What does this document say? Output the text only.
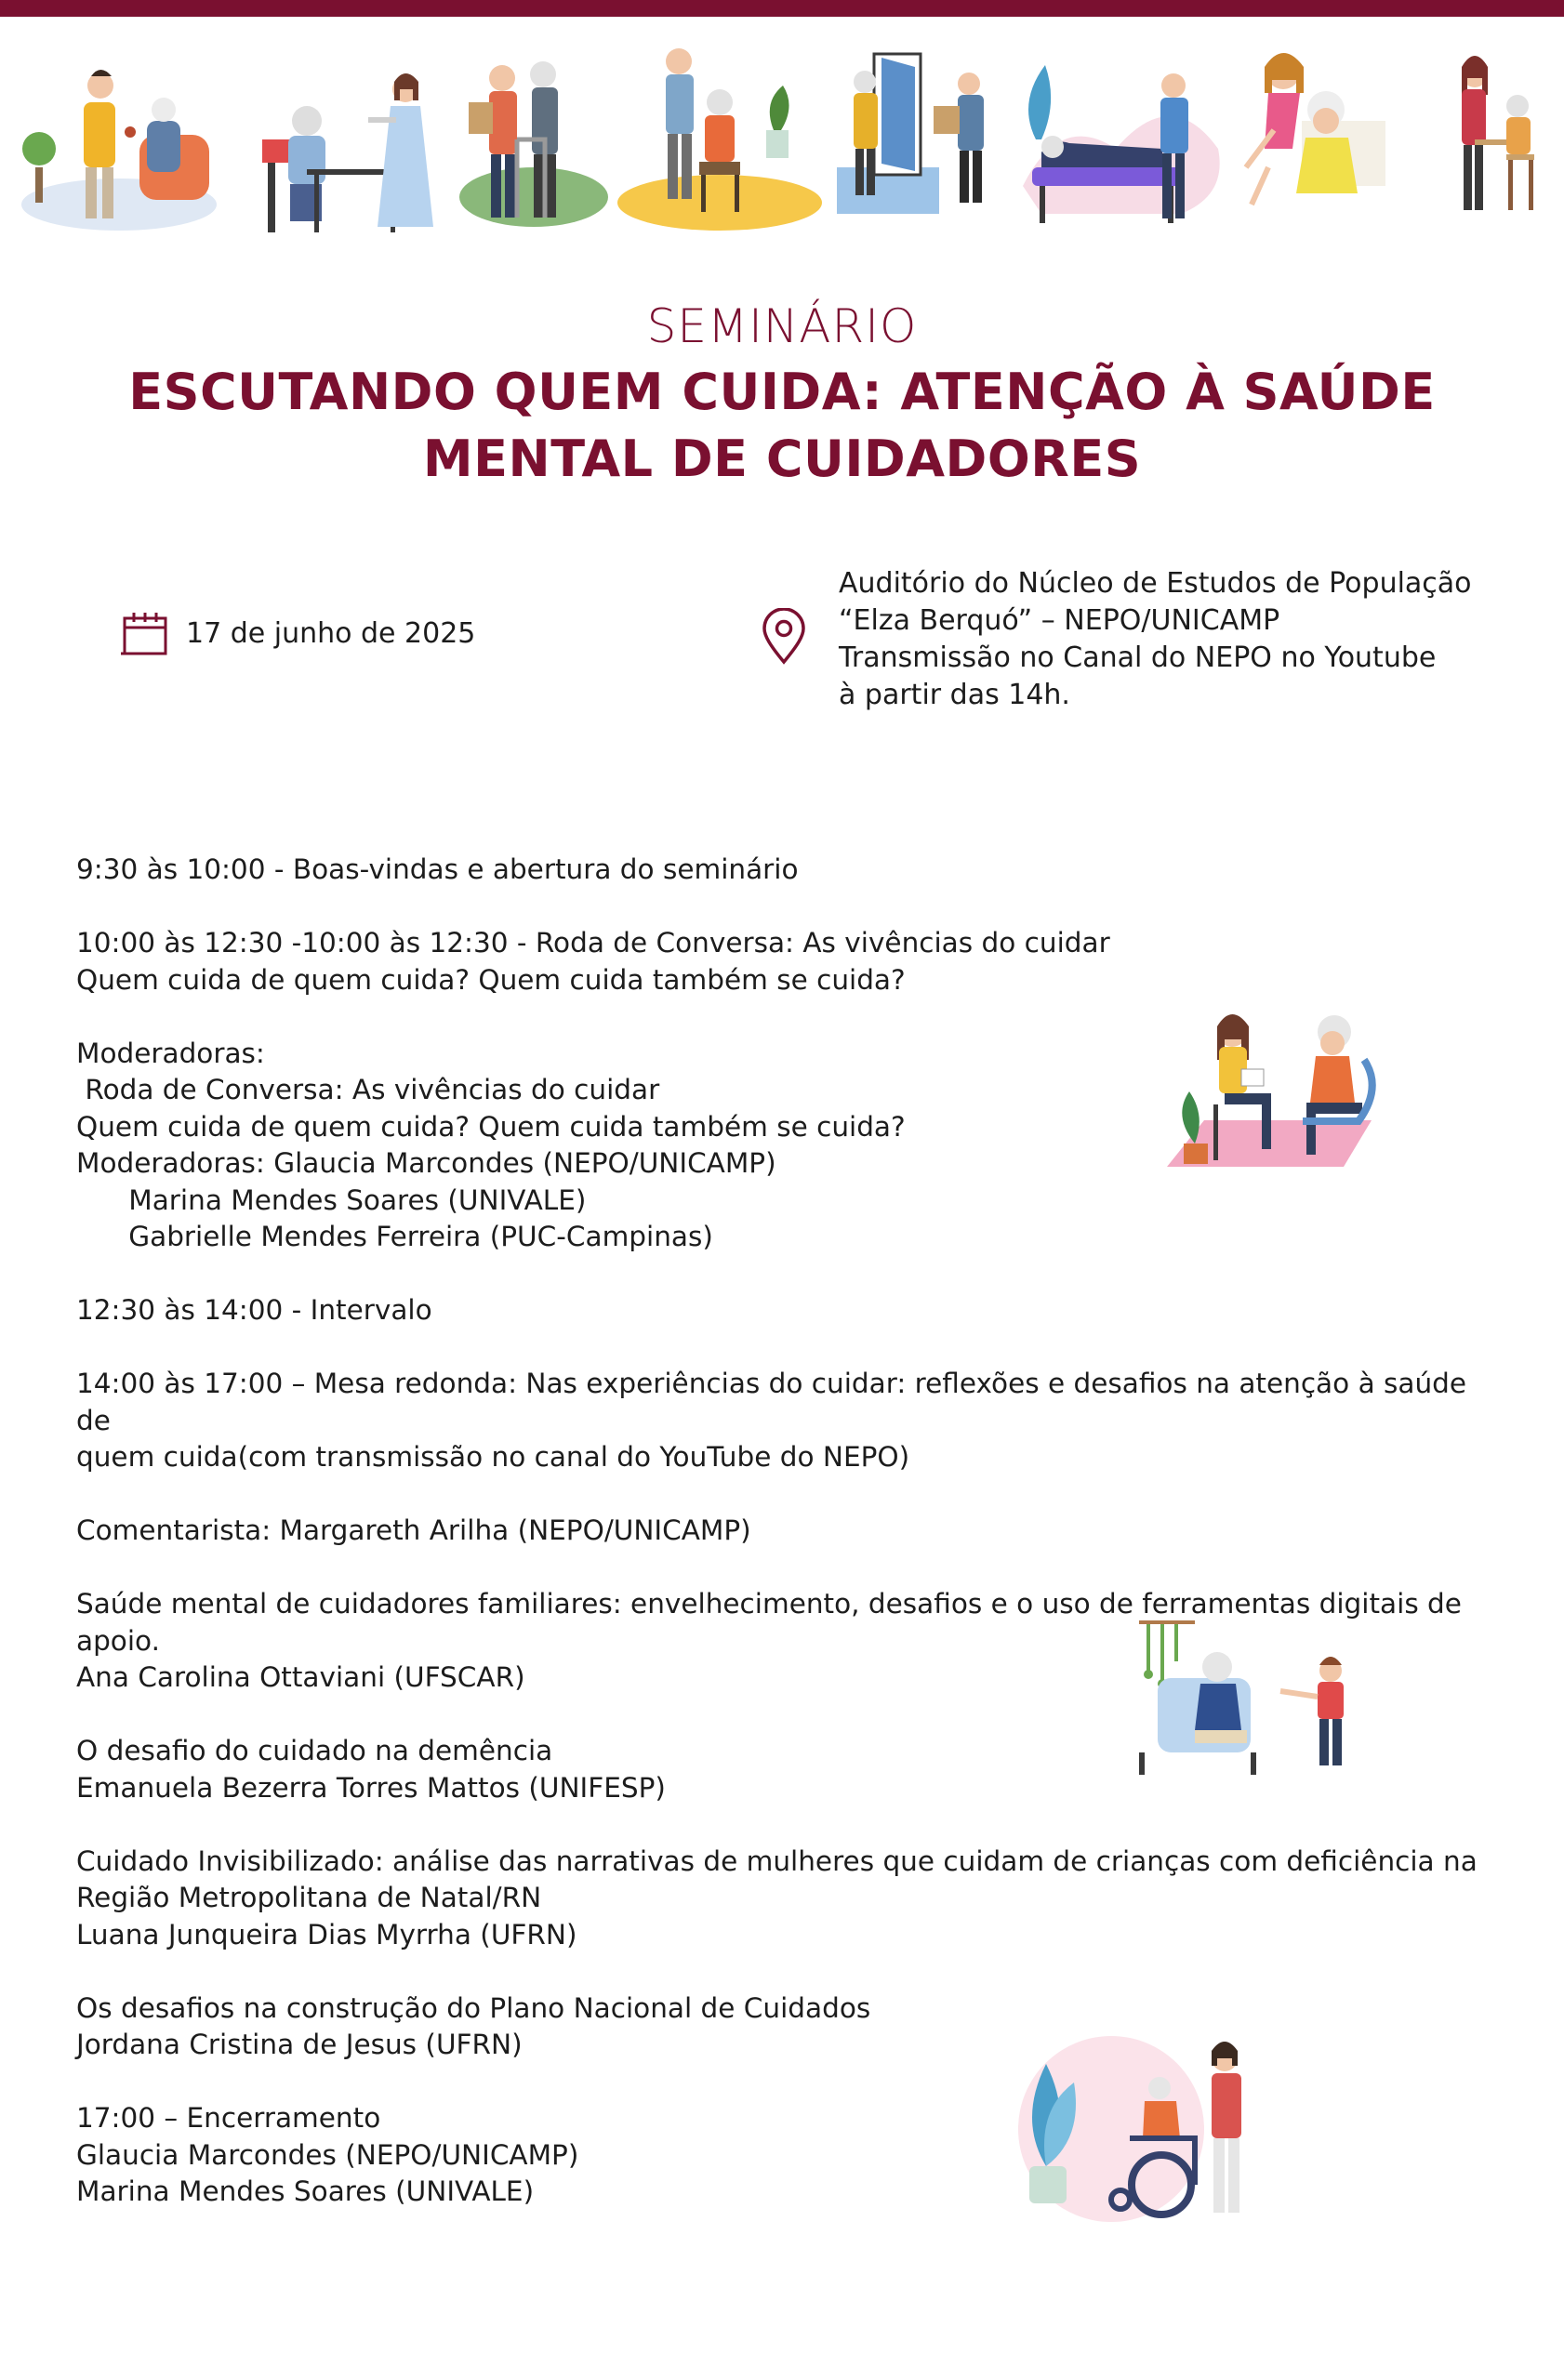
SEMINÁRIO
ESCUTANDO QUEM CUIDA: ATENÇÃO À SAÚDE MENTAL DE CUIDADORES
17 de junho de 2025
Auditório do Núcleo de Estudos de População
“Elza Berquó” – NEPO/UNICAMP
Transmissão no Canal do NEPO no Youtube
à partir das 14h.
9:30 às 10:00 - Boas-vindas e abertura do seminário
10:00 às 12:30 -10:00 às 12:30 - Roda de Conversa: As vivências do cuidar
Quem cuida de quem cuida? Quem cuida também se cuida?
Moderadoras:
Roda de Conversa: As vivências do cuidar
Quem cuida de quem cuida? Quem cuida também se cuida?
Moderadoras: Glaucia Marcondes (NEPO/UNICAMP)
Marina Mendes Soares (UNIVALE)
Gabrielle Mendes Ferreira (PUC-Campinas)
12:30 às 14:00 - Intervalo
14:00 às 17:00 – Mesa redonda: Nas experiências do cuidar: reflexões e desafios na atenção à saúde de
quem cuida(com transmissão no canal do YouTube do NEPO)
Comentarista: Margareth Arilha (NEPO/UNICAMP)
Saúde mental de cuidadores familiares: envelhecimento, desafios e o uso de ferramentas digitais de
apoio.
Ana Carolina Ottaviani (UFSCAR)
O desafio do cuidado na demência
Emanuela Bezerra Torres Mattos (UNIFESP)
Cuidado Invisibilizado: análise das narrativas de mulheres que cuidam de crianças com deficiência na
Região Metropolitana de Natal/RN
Luana Junqueira Dias Myrrha (UFRN)
Os desafios na construção do Plano Nacional de Cuidados
Jordana Cristina de Jesus (UFRN)
17:00 – Encerramento
Glaucia Marcondes (NEPO/UNICAMP)
Marina Mendes Soares (UNIVALE)
